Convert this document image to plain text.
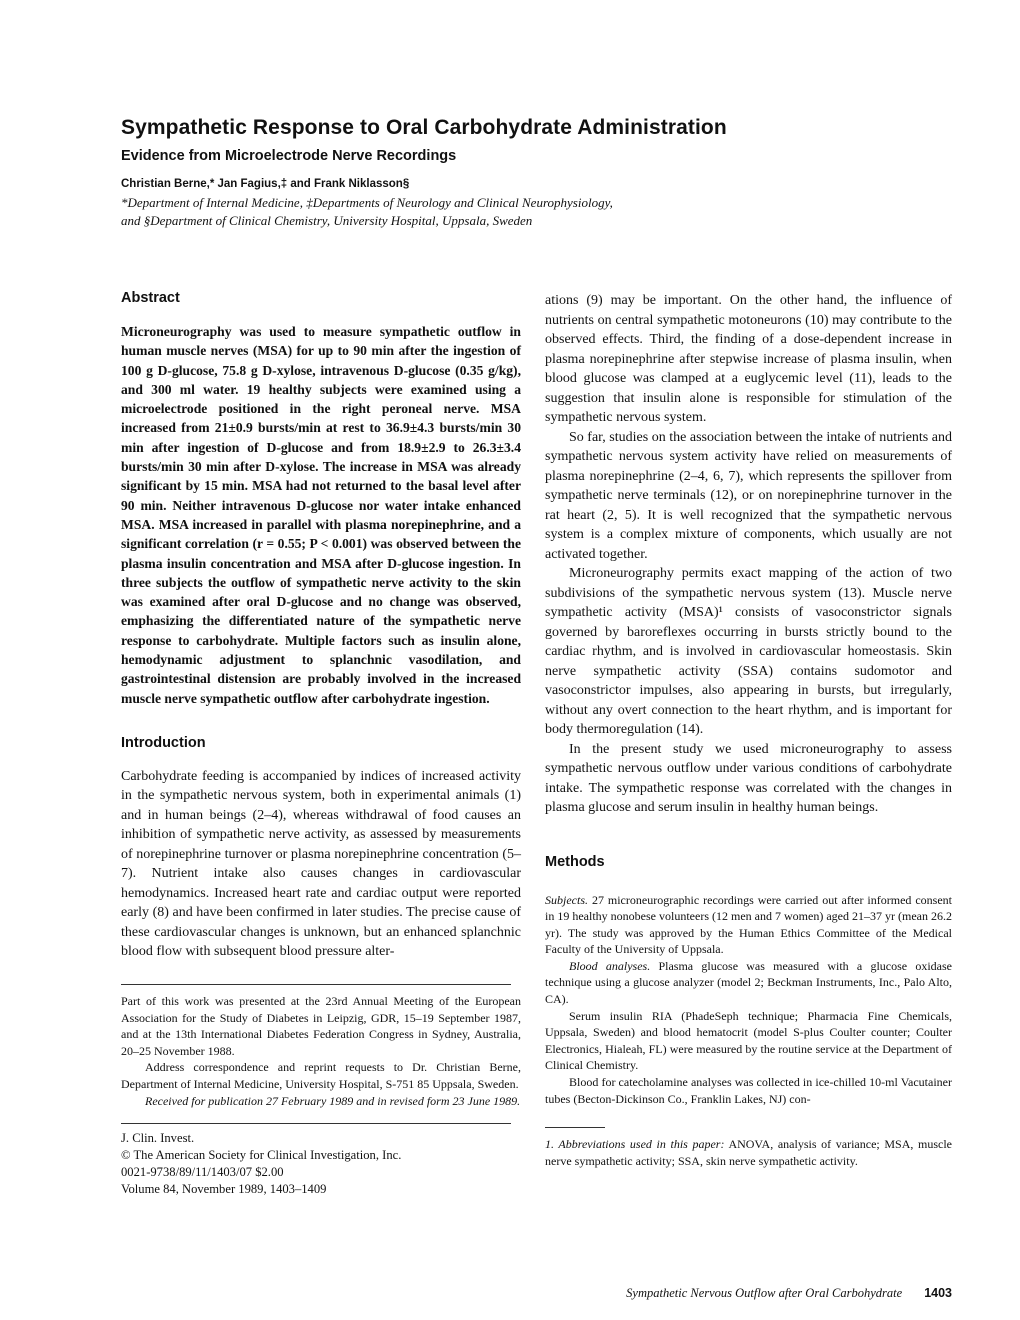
Sympathetic Response to Oral Carbohydrate Administration
Evidence from Microelectrode Nerve Recordings
Christian Berne,* Jan Fagius,‡ and Frank Niklasson§

*Department of Internal Medicine, ‡Departments of Neurology and Clinical Neurophysiology,

and §Department of Clinical Chemistry, University Hospital, Uppsala, Sweden

Abstract

Microneurography was used to measure sympathetic outflow in human muscle nerves (MSA) for up to 90 min after the ingestion of 100 g D-glucose, 75.8 g D-xylose, intravenous D-glucose (0.35 g/kg), and 300 ml water. 19 healthy subjects were examined using a microelectrode positioned in the right peroneal nerve. MSA increased from 21±0.9 bursts/min at rest to 36.9±4.3 bursts/min 30 min after ingestion of D-glucose and from 18.9±2.9 to 26.3±3.4 bursts/min 30 min after D-xylose. The increase in MSA was already significant by 15 min. MSA had not returned to the basal level after 90 min. Neither intravenous D-glucose nor water intake enhanced MSA. MSA increased in parallel with plasma norepinephrine, and a significant correlation (r = 0.55; P < 0.001) was observed between the plasma insulin concentration and MSA after D-glucose ingestion. In three subjects the outflow of sympathetic nerve activity to the skin was examined after oral D-glucose and no change was observed, emphasizing the differentiated nature of the sympathetic nerve response to carbohydrate. Multiple factors such as insulin alone, hemodynamic adjustment to splanchnic vasodilation, and gastrointestinal distension are probably involved in the increased muscle nerve sympathetic outflow after carbohydrate ingestion.

Introduction

Carbohydrate feeding is accompanied by indices of increased activity in the sympathetic nervous system, both in experimental animals (1) and in human beings (2–4), whereas withdrawal of food causes an inhibition of sympathetic nerve activity, as assessed by measurements of norepinephrine turnover or plasma norepinephrine concentration (5–7). Nutrient intake also causes changes in cardiovascular hemodynamics. Increased heart rate and cardiac output were reported early (8) and have been confirmed in later studies. The precise cause of these cardiovascular changes is unknown, but an enhanced splanchnic blood flow with subsequent blood pressure alter-

Part of this work was presented at the 23rd Annual Meeting of the European Association for the Study of Diabetes in Leipzig, GDR, 15–19 September 1987, and at the 13th International Diabetes Federation Congress in Sydney, Australia, 20–25 November 1988.

Address correspondence and reprint requests to Dr. Christian Berne, Department of Internal Medicine, University Hospital, S-751 85 Uppsala, Sweden.

Received for publication 27 February 1989 and in revised form 23 June 1989.

J. Clin. Invest.

© The American Society for Clinical Investigation, Inc.

0021-9738/89/11/1403/07 $2.00

Volume 84, November 1989, 1403–1409

ations (9) may be important. On the other hand, the influence of nutrients on central sympathetic motoneurons (10) may contribute to the observed effects. Third, the finding of a dose-dependent increase in plasma norepinephrine after stepwise increase of plasma insulin, when blood glucose was clamped at a euglycemic level (11), leads to the suggestion that insulin alone is responsible for stimulation of the sympathetic nervous system.

So far, studies on the association between the intake of nutrients and sympathetic nervous system activity have relied on measurements of plasma norepinephrine (2–4, 6, 7), which represents the spillover from sympathetic nerve terminals (12), or on norepinephrine turnover in the rat heart (2, 5). It is well recognized that the sympathetic nervous system is a complex mixture of components, which usually are not activated together.

Microneurography permits exact mapping of the action of two subdivisions of the sympathetic nervous system (13). Muscle nerve sympathetic activity (MSA)¹ consists of vasoconstrictor signals governed by baroreflexes occurring in bursts strictly bound to the cardiac rhythm, and is involved in cardiovascular homeostasis. Skin nerve sympathetic activity (SSA) contains sudomotor and vasoconstrictor impulses, also appearing in bursts, but irregularly, without any overt connection to the heart rhythm, and is important for body thermoregulation (14).

In the present study we used microneurography to assess sympathetic nervous outflow under various conditions of carbohydrate intake. The sympathetic response was correlated with the changes in plasma glucose and serum insulin in healthy human beings.

Methods

Subjects. 27 microneurographic recordings were carried out after informed consent in 19 healthy nonobese volunteers (12 men and 7 women) aged 21–37 yr (mean 26.2 yr). The study was approved by the Human Ethics Committee of the Medical Faculty of the University of Uppsala.

Blood analyses. Plasma glucose was measured with a glucose oxidase technique using a glucose analyzer (model 2; Beckman Instruments, Inc., Palo Alto, CA).

Serum insulin RIA (PhadeSeph technique; Pharmacia Fine Chemicals, Uppsala, Sweden) and blood hematocrit (model S-plus Coulter counter; Coulter Electronics, Hialeah, FL) were measured by the routine service at the Department of Clinical Chemistry.

Blood for catecholamine analyses was collected in ice-chilled 10-ml Vacutainer tubes (Becton-Dickinson Co., Franklin Lakes, NJ) con-

1. Abbreviations used in this paper: ANOVA, analysis of variance; MSA, muscle nerve sympathetic activity; SSA, skin nerve sympathetic activity.

Sympathetic Nervous Outflow after Oral Carbohydrate 1403
